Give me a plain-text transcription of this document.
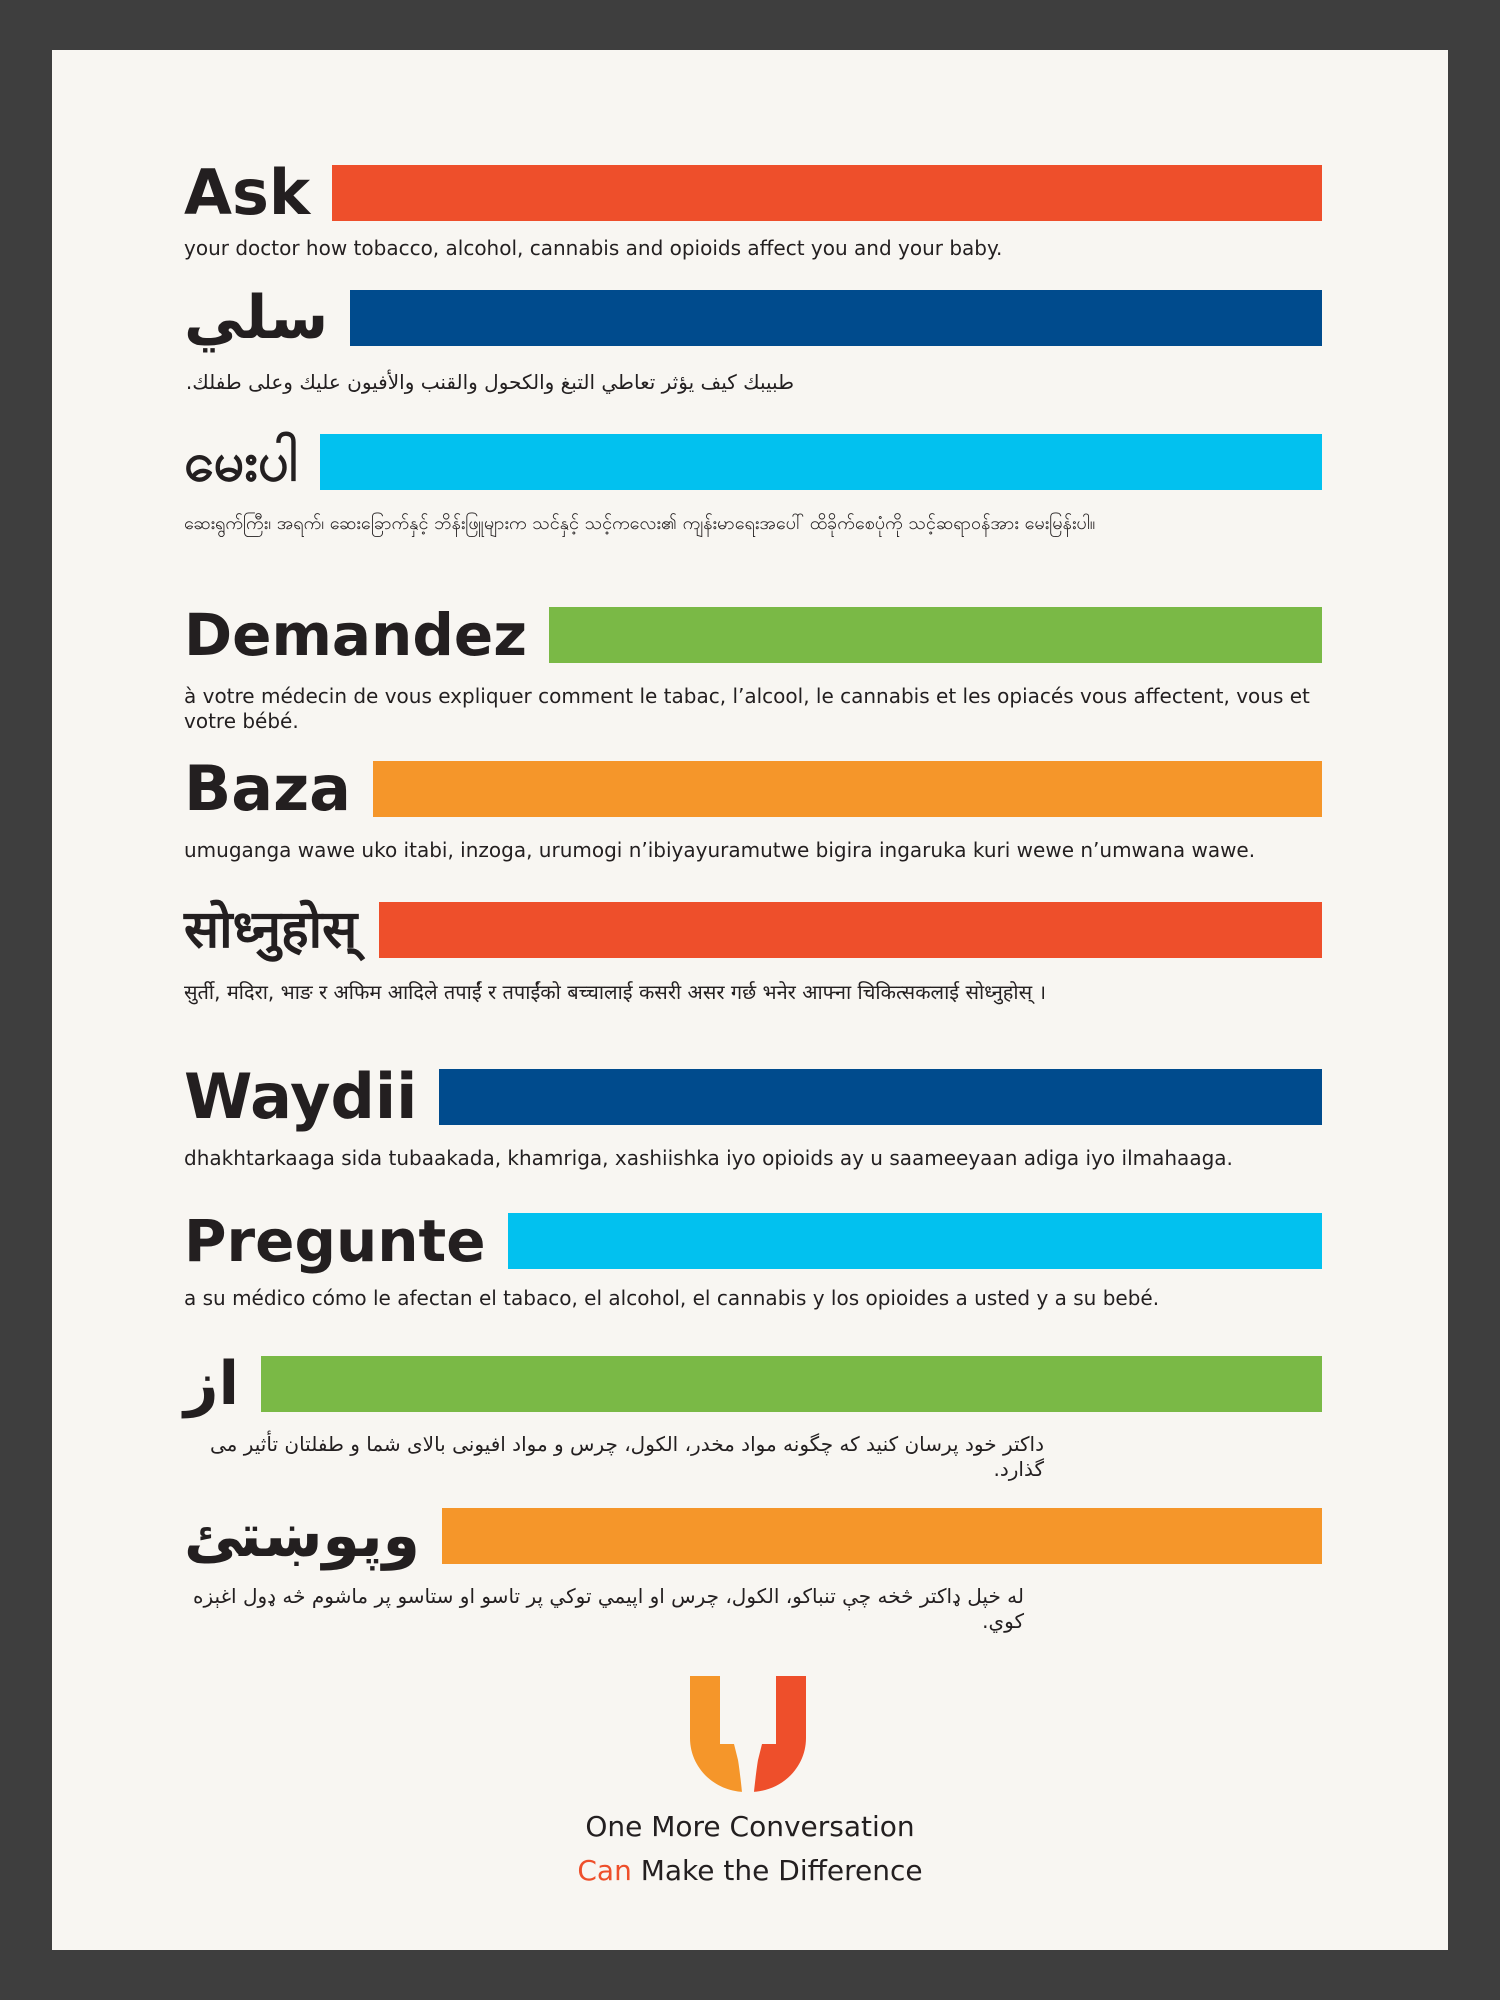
Ask
your doctor how tobacco, alcohol, cannabis and opioids affect you and your baby.
سلي
طبيبك كيف يؤثر تعاطي التبغ والكحول والقنب والأفيون عليك وعلى طفلك.
မေးပါ
ဆေးရွက်ကြီး၊ အရက်၊ ဆေးခြောက်နှင့် ဘိန်းဖြူများက သင်နှင့် သင့်ကလေး၏ ကျန်းမာရေးအပေါ် ထိခိုက်စေပုံကို သင့်ဆရာဝန်အား မေးမြန်းပါ။
Demandez
à votre médecin de vous expliquer comment le tabac, l’alcool, le cannabis et les opiacés vous affectent, vous et votre bébé.
Baza
umuganga wawe uko itabi, inzoga, urumogi n’ibiyayuramutwe bigira ingaruka kuri wewe n’umwana wawe.
सोध्नुहोस्
सुर्ती, मदिरा, भाङ र अफिम आदिले तपाईं र तपाईंको बच्चालाई कसरी असर गर्छ भनेर आफ्ना चिकित्सकलाई सोध्नुहोस् ।
Waydii
dhakhtarkaaga sida tubaakada, khamriga, xashiishka iyo opioids ay u saameeyaan adiga iyo ilmahaaga.
Pregunte
a su médico cómo le afectan el tabaco, el alcohol, el cannabis y los opioides a usted y a su bebé.
از
داکتر خود پرسان کنید که چگونه مواد مخدر، الکول، چرس و مواد افیونی بالای شما و طفلتان تأثیر می گذارد.
وپوښتئ
له خپل ډاکتر څخه چې تنباکو، الکول، چرس او اپیمي توکي پر تاسو او ستاسو پر ماشوم څه ډول اغېزه کوي.
One More Conversation
Can Make the Difference
